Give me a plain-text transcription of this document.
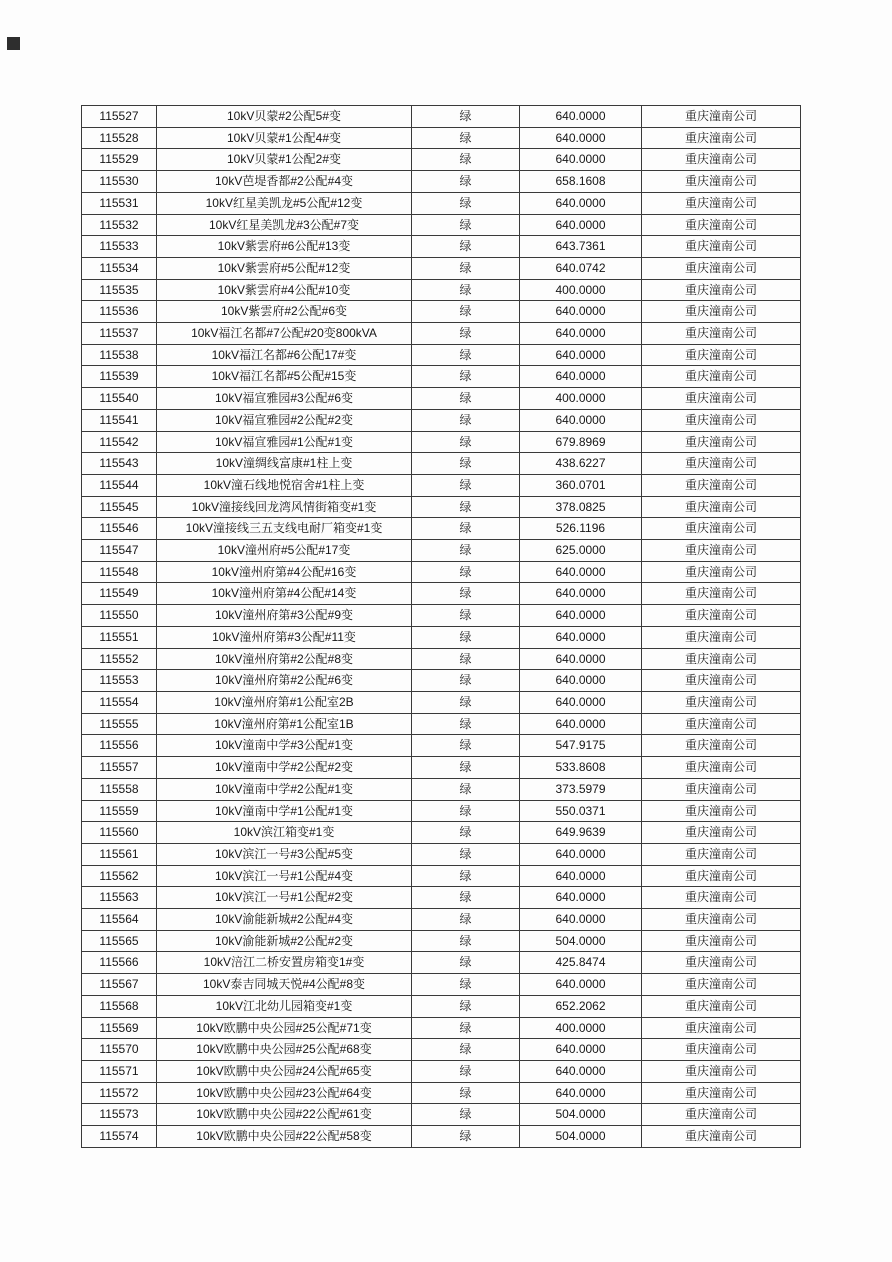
115527	10kV贝蒙#2公配5#变	绿	640.0000	重庆潼南公司
115528	10kV贝蒙#1公配4#变	绿	640.0000	重庆潼南公司
115529	10kV贝蒙#1公配2#变	绿	640.0000	重庆潼南公司
115530	10kV芭堤香都#2公配#4变	绿	658.1608	重庆潼南公司
115531	10kV红星美凯龙#5公配#12变	绿	640.0000	重庆潼南公司
115532	10kV红星美凯龙#3公配#7变	绿	640.0000	重庆潼南公司
115533	10kV紫雲府#6公配#13变	绿	643.7361	重庆潼南公司
115534	10kV紫雲府#5公配#12变	绿	640.0742	重庆潼南公司
115535	10kV紫雲府#4公配#10变	绿	400.0000	重庆潼南公司
115536	10kV紫雲府#2公配#6变	绿	640.0000	重庆潼南公司
115537	10kV福江名都#7公配#20变800kVA	绿	640.0000	重庆潼南公司
115538	10kV福江名都#6公配17#变	绿	640.0000	重庆潼南公司
115539	10kV福江名都#5公配#15变	绿	640.0000	重庆潼南公司
115540	10kV福宣雅园#3公配#6变	绿	400.0000	重庆潼南公司
115541	10kV福宣雅园#2公配#2变	绿	640.0000	重庆潼南公司
115542	10kV福宣雅园#1公配#1变	绿	679.8969	重庆潼南公司
115543	10kV潼绸线富康#1柱上变	绿	438.6227	重庆潼南公司
115544	10kV潼石线地悦宿舍#1柱上变	绿	360.0701	重庆潼南公司
115545	10kV潼接线回龙湾风情街箱变#1变	绿	378.0825	重庆潼南公司
115546	10kV潼接线三五支线电耐厂箱变#1变	绿	526.1196	重庆潼南公司
115547	10kV潼州府#5公配#17变	绿	625.0000	重庆潼南公司
115548	10kV潼州府第#4公配#16变	绿	640.0000	重庆潼南公司
115549	10kV潼州府第#4公配#14变	绿	640.0000	重庆潼南公司
115550	10kV潼州府第#3公配#9变	绿	640.0000	重庆潼南公司
115551	10kV潼州府第#3公配#11变	绿	640.0000	重庆潼南公司
115552	10kV潼州府第#2公配#8变	绿	640.0000	重庆潼南公司
115553	10kV潼州府第#2公配#6变	绿	640.0000	重庆潼南公司
115554	10kV潼州府第#1公配室2B	绿	640.0000	重庆潼南公司
115555	10kV潼州府第#1公配室1B	绿	640.0000	重庆潼南公司
115556	10kV潼南中学#3公配#1变	绿	547.9175	重庆潼南公司
115557	10kV潼南中学#2公配#2变	绿	533.8608	重庆潼南公司
115558	10kV潼南中学#2公配#1变	绿	373.5979	重庆潼南公司
115559	10kV潼南中学#1公配#1变	绿	550.0371	重庆潼南公司
115560	10kV滨江箱变#1变	绿	649.9639	重庆潼南公司
115561	10kV滨江一号#3公配#5变	绿	640.0000	重庆潼南公司
115562	10kV滨江一号#1公配#4变	绿	640.0000	重庆潼南公司
115563	10kV滨江一号#1公配#2变	绿	640.0000	重庆潼南公司
115564	10kV渝能新城#2公配#4变	绿	640.0000	重庆潼南公司
115565	10kV渝能新城#2公配#2变	绿	504.0000	重庆潼南公司
115566	10kV涪江二桥安置房箱变1#变	绿	425.8474	重庆潼南公司
115567	10kV泰吉同城天悦#4公配#8变	绿	640.0000	重庆潼南公司
115568	10kV江北幼儿园箱变#1变	绿	652.2062	重庆潼南公司
115569	10kV欧鹏中央公园#25公配#71变	绿	400.0000	重庆潼南公司
115570	10kV欧鹏中央公园#25公配#68变	绿	640.0000	重庆潼南公司
115571	10kV欧鹏中央公园#24公配#65变	绿	640.0000	重庆潼南公司
115572	10kV欧鹏中央公园#23公配#64变	绿	640.0000	重庆潼南公司
115573	10kV欧鹏中央公园#22公配#61变	绿	504.0000	重庆潼南公司
115574	10kV欧鹏中央公园#22公配#58变	绿	504.0000	重庆潼南公司
